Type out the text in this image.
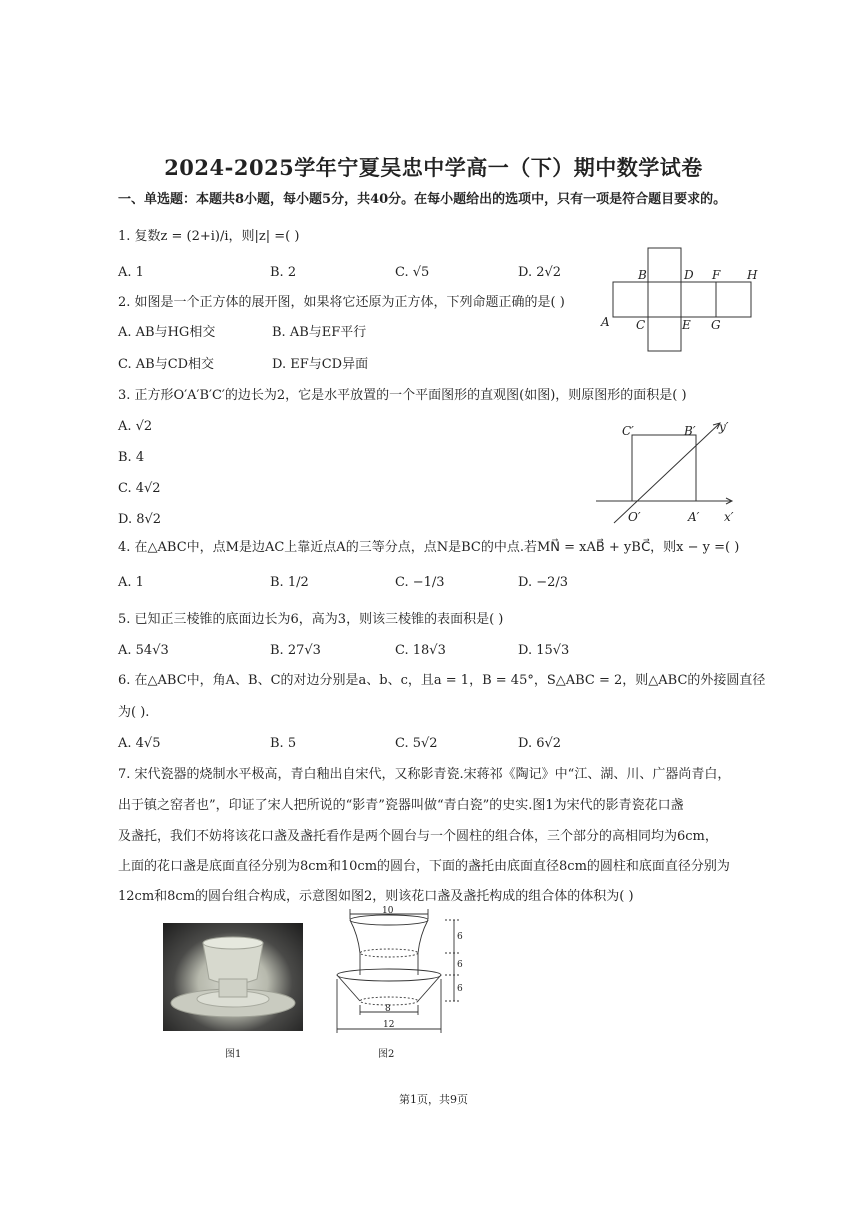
2024-2025学年宁夏吴忠中学高一（下）期中数学试卷
一、单选题：本题共8小题，每小题5分，共40分。在每小题给出的选项中，只有一项是符合题目要求的。
1. 复数z = (2+i)/i，则|z| =( )
A. 1	B. 2	C. √5	D. 2√2
2. 如图是一个正方体的展开图，如果将它还原为正方体，下列命题正确的是( )
A. AB与HG相交	B. AB与EF平行
C. AB与CD相交	D. EF与CD异面
B	D F H
A C	E G
3. 正方形O′A′B′C′的边长为2，它是水平放置的一个平面图形的直观图(如图)，则原图形的面积是( )
A. √2
B. 4
C. 4√2
D. 8√2
C′	B′ y′
O′	A′ x′
4. 在△ABC中，点M是边AC上靠近点A的三等分点，点N是BC的中点.若MN⃗ = xAB⃗ + yBC⃗，则x − y =( )
A. 1	B. 1/2	C. −1/3	D. −2/3
5. 已知正三棱锥的底面边长为6，高为3，则该三棱锥的表面积是( )
A. 54√3	B. 27√3	C. 18√3	D. 15√3
6. 在△ABC中，角A、B、C的对边分别是a、b、c，且a = 1，B = 45°，S△ABC = 2，则△ABC的外接圆直径
为( ).
A. 4√5	B. 5	C. 5√2	D. 6√2
7. 宋代瓷器的烧制水平极高，青白釉出自宋代，又称影青瓷.宋蒋祁《陶记》中“江、湖、川、广器尚青白，
出于镇之窑者也”，印证了宋人把所说的“影青”瓷器叫做“青白瓷”的史实.图1为宋代的影青瓷花口盏
及盏托，我们不妨将该花口盏及盏托看作是两个圆台与一个圆柱的组合体，三个部分的高相同均为6cm，
上面的花口盏是底面直径分别为8cm和10cm的圆台，下面的盏托由底面直径8cm的圆柱和底面直径分别为
12cm和8cm的圆台组合构成，示意图如图2，则该花口盏及盏托构成的组合体的体积为( )
图1
10
6
6
6
8
12
图2
第1页，共9页
